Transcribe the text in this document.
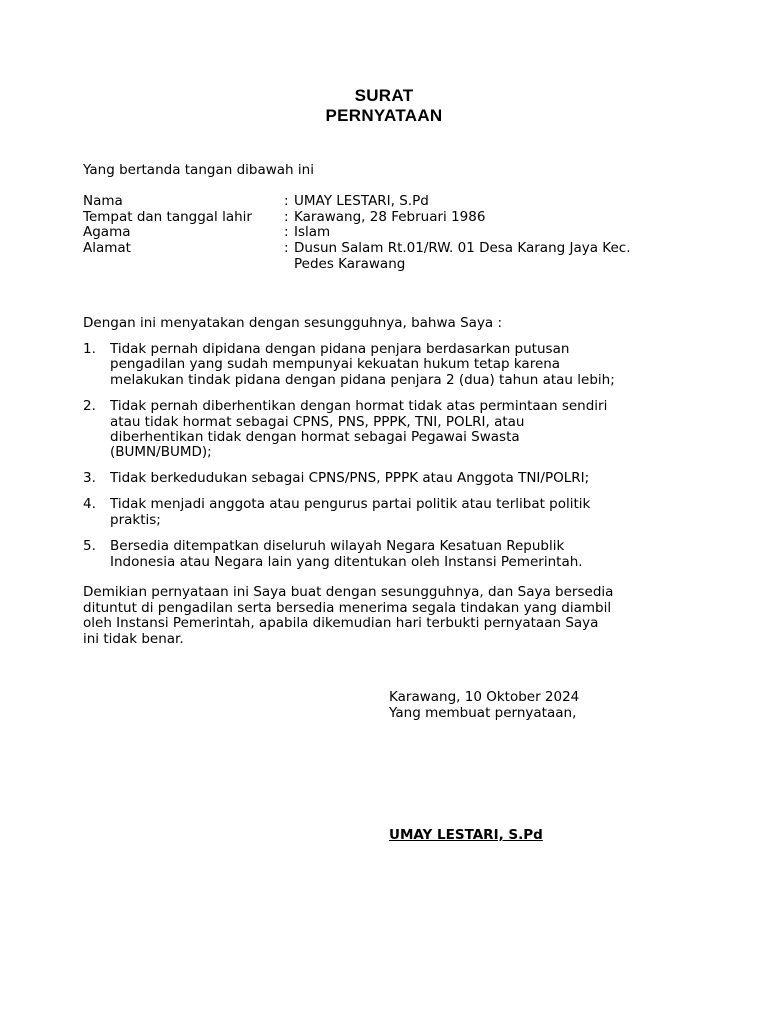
SURAT
PERNYATAAN
Yang bertanda tangan dibawah ini
Nama	: UMAY LESTARI, S.Pd
Tempat dan tanggal lahir : Karawang, 28 Februari 1986
Agama	: Islam
Alamat	: Dusun Salam Rt.01/RW. 01 Desa Karang Jaya Kec.
Pedes Karawang
Dengan ini menyatakan dengan sesungguhnya, bahwa Saya :
1. Tidak pernah dipidana dengan pidana penjara berdasarkan putusan
pengadilan yang sudah mempunyai kekuatan hukum tetap karena
melakukan tindak pidana dengan pidana penjara 2 (dua) tahun atau lebih;
2. Tidak pernah diberhentikan dengan hormat tidak atas permintaan sendiri
atau tidak hormat sebagai CPNS, PNS, PPPK, TNI, POLRI, atau
diberhentikan tidak dengan hormat sebagai Pegawai Swasta
(BUMN/BUMD);
3. Tidak berkedudukan sebagai CPNS/PNS, PPPK atau Anggota TNI/POLRI;
4. Tidak menjadi anggota atau pengurus partai politik atau terlibat politik
praktis;
5. Bersedia ditempatkan diseluruh wilayah Negara Kesatuan Republik
Indonesia atau Negara lain yang ditentukan oleh Instansi Pemerintah.
Demikian pernyataan ini Saya buat dengan sesungguhnya, dan Saya bersedia
dituntut di pengadilan serta bersedia menerima segala tindakan yang diambil
oleh Instansi Pemerintah, apabila dikemudian hari terbukti pernyataan Saya
ini tidak benar.
Karawang, 10 Oktober 2024
Yang membuat pernyataan,
UMAY LESTARI, S.Pd
